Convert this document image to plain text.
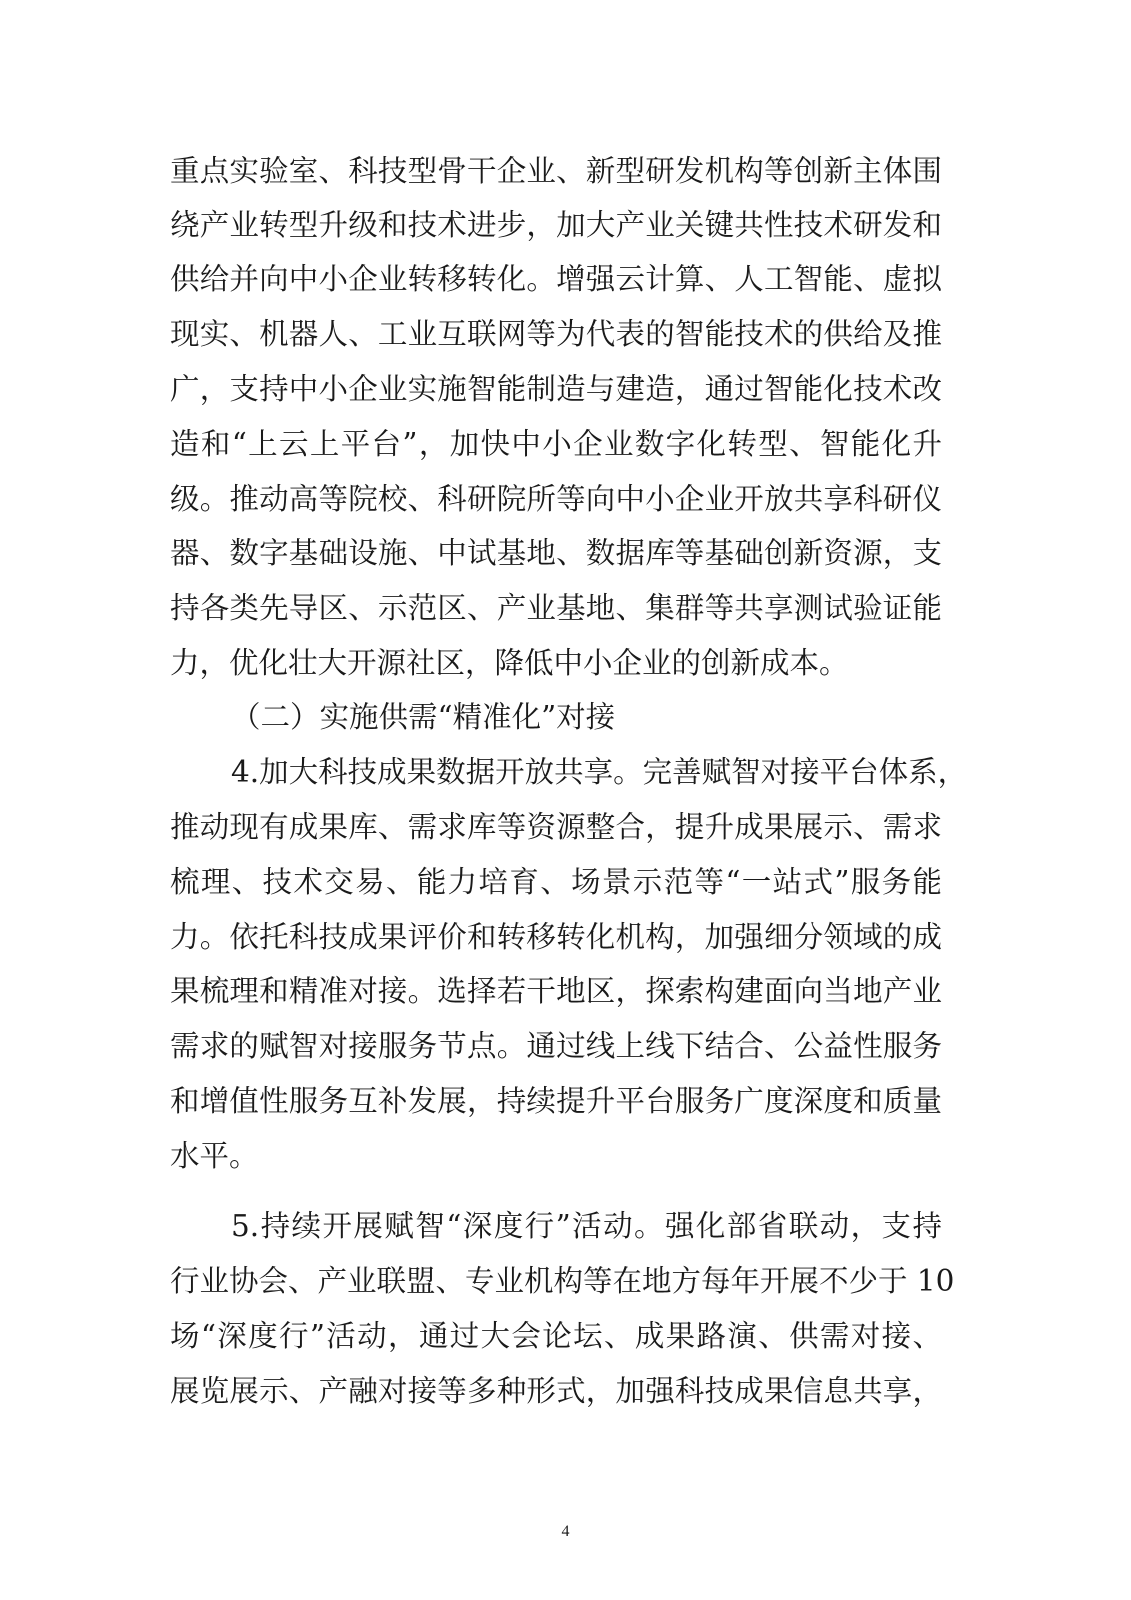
重点实验室、科技型骨干企业、新型研发机构等创新主体围
绕产业转型升级和技术进步，加大产业关键共性技术研发和
供给并向中小企业转移转化。增强云计算、人工智能、虚拟
现实、机器人、工业互联网等为代表的智能技术的供给及推
广，支持中小企业实施智能制造与建造，通过智能化技术改
造和“上云上平台”，加快中小企业数字化转型、智能化升
级。推动高等院校、科研院所等向中小企业开放共享科研仪
器、数字基础设施、中试基地、数据库等基础创新资源，支
持各类先导区、示范区、产业基地、集群等共享测试验证能
力，优化壮大开源社区，降低中小企业的创新成本。
（二）实施供需“精准化”对接
4.加大科技成果数据开放共享。完善赋智对接平台体系，
推动现有成果库、需求库等资源整合，提升成果展示、需求
梳理、技术交易、能力培育、场景示范等“一站式”服务能
力。依托科技成果评价和转移转化机构，加强细分领域的成
果梳理和精准对接。选择若干地区，探索构建面向当地产业
需求的赋智对接服务节点。通过线上线下结合、公益性服务
和增值性服务互补发展，持续提升平台服务广度深度和质量
水平。
5.持续开展赋智“深度行”活动。强化部省联动，支持
行业协会、产业联盟、专业机构等在地方每年开展不少于 10
场“深度行”活动，通过大会论坛、成果路演、供需对接、
展览展示、产融对接等多种形式，加强科技成果信息共享，
4
